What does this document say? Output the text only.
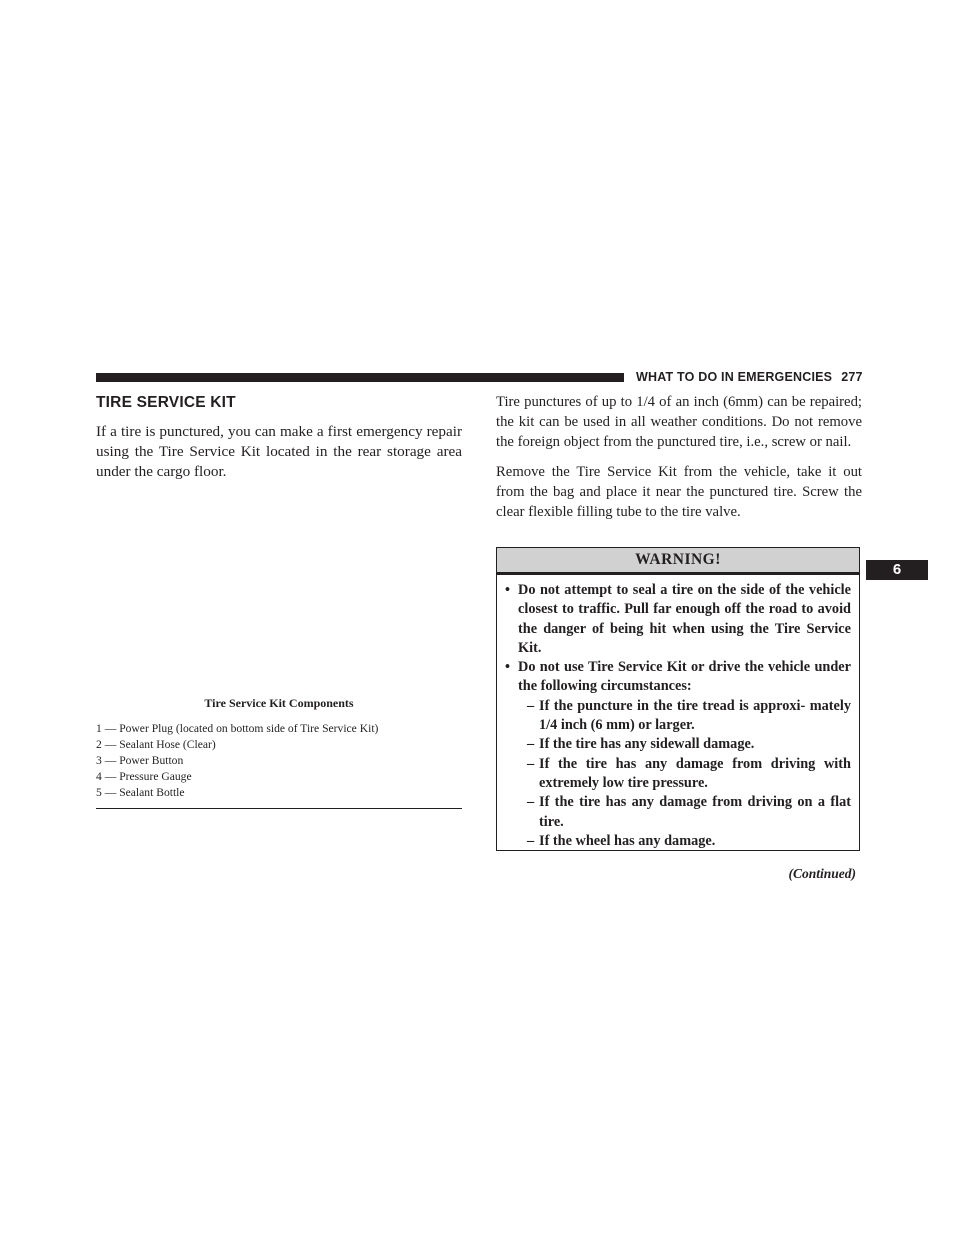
WHAT TO DO IN EMERGENCIES 277
6
TIRE SERVICE KIT

If a tire is punctured, you can make a first emergency repair using the Tire Service Kit located in the rear storage area under the cargo floor.

Tire Service Kit Components
1 — Power Plug (located on bottom side of Tire Service Kit)
2 — Sealant Hose (Clear)
3 — Power Button
4 — Pressure Gauge
5 — Sealant Bottle

Tire punctures of up to 1/4 of an inch (6mm) can be repaired; the kit can be used in all weather conditions. Do not remove the foreign object from the punctured tire, i.e., screw or nail.

Remove the Tire Service Kit from the vehicle, take it out from the bag and place it near the punctured tire. Screw the clear flexible filling tube to the tire valve.

WARNING!
• Do not attempt to seal a tire on the side of the vehicle closest to traffic. Pull far enough off the road to avoid the danger of being hit when using the Tire Service Kit.
• Do not use Tire Service Kit or drive the vehicle under the following circumstances:
– If the puncture in the tire tread is approxi- mately 1/4 inch (6 mm) or larger.
– If the tire has any sidewall damage.
– If the tire has any damage from driving with extremely low tire pressure.
– If the tire has any damage from driving on a flat tire.
– If the wheel has any damage.
(Continued)
